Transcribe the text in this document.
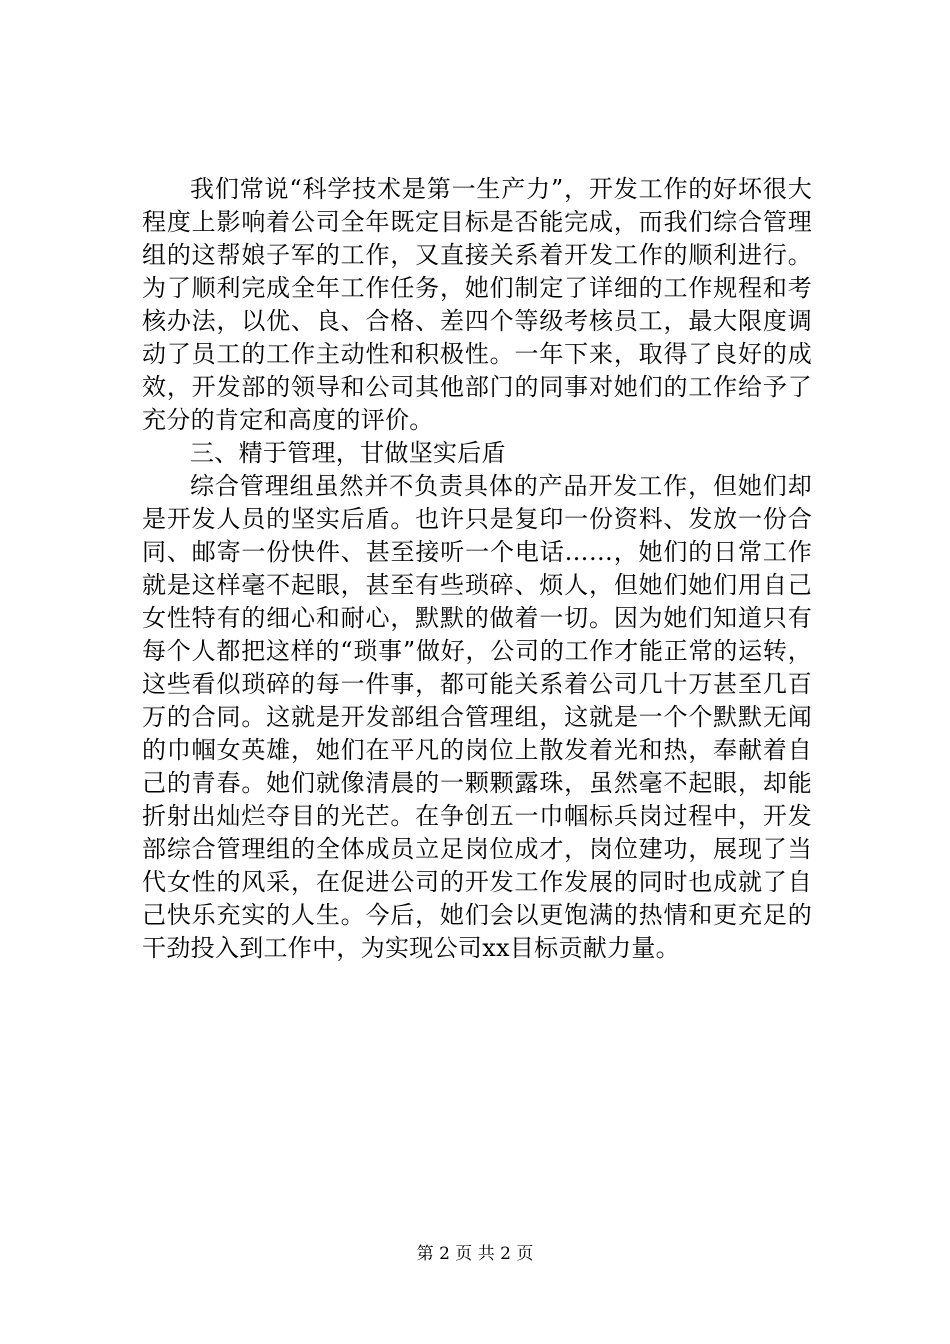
我们常说“科学技术是第一生产力”，开发工作的好坏很大程度上影响着公司全年既定目标是否能完成，而我们综合管理组的这帮娘子军的工作，又直接关系着开发工作的顺利进行。为了顺利完成全年工作任务，她们制定了详细的工作规程和考核办法，以优、良、合格、差四个等级考核员工，最大限度调动了员工的工作主动性和积极性。一年下来，取得了良好的成效，开发部的领导和公司其他部门的同事对她们的工作给予了充分的肯定和高度的评价。

三、精于管理，甘做坚实后盾

综合管理组虽然并不负责具体的产品开发工作，但她们却是开发人员的坚实后盾。也许只是复印一份资料、发放一份合同、邮寄一份快件、甚至接听一个电话……，她们的日常工作就是这样毫不起眼，甚至有些琐碎、烦人，但她们她们用自己女性特有的细心和耐心，默默的做着一切。因为她们知道只有每个人都把这样的“琐事”做好，公司的工作才能正常的运转，这些看似琐碎的每一件事，都可能关系着公司几十万甚至几百万的合同。这就是开发部组合管理组，这就是一个个默默无闻的巾帼女英雄，她们在平凡的岗位上散发着光和热，奉献着自己的青春。她们就像清晨的一颗颗露珠，虽然毫不起眼，却能折射出灿烂夺目的光芒。在争创五一巾帼标兵岗过程中，开发部综合管理组的全体成员立足岗位成才，岗位建功，展现了当代女性的风采，在促进公司的开发工作发展的同时也成就了自己快乐充实的人生。今后，她们会以更饱满的热情和更充足的干劲投入到工作中，为实现公司xx目标贡献力量。

第 2 页 共 2 页
